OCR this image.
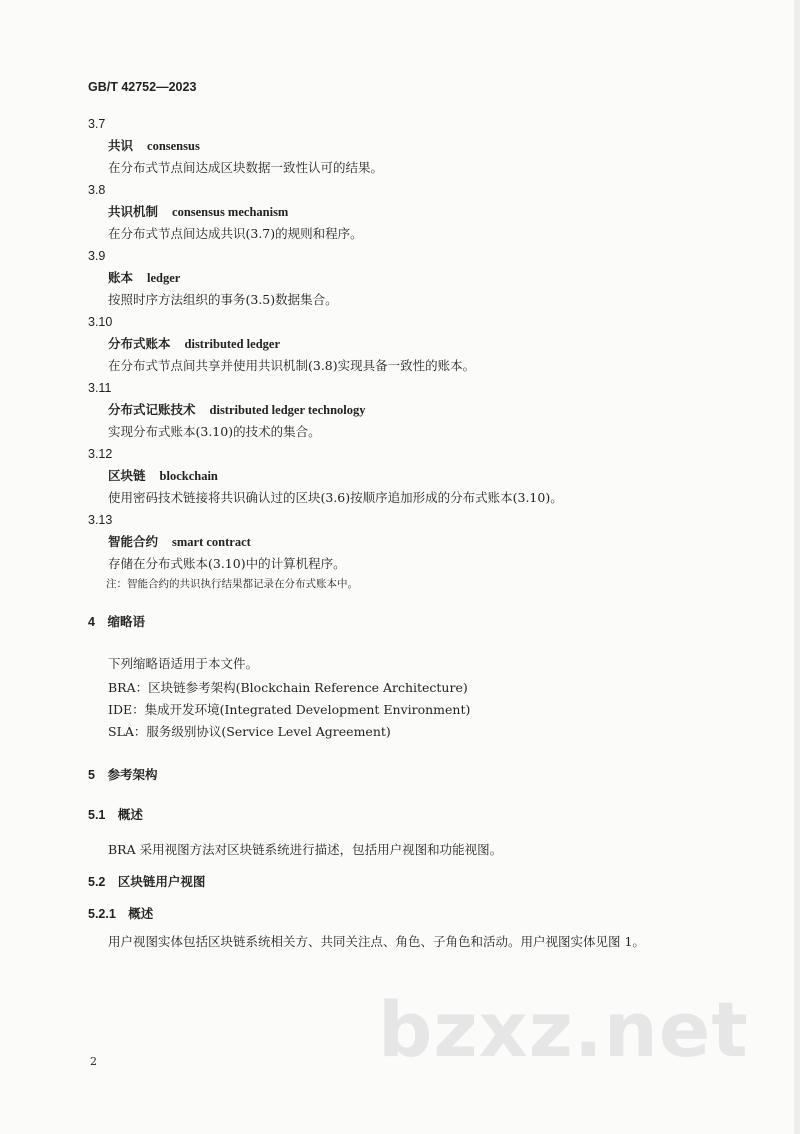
GB/T 42752—2023
3.7
共识 consensus
在分布式节点间达成区块数据一致性认可的结果。
3.8
共识机制 consensus mechanism
在分布式节点间达成共识(3.7)的规则和程序。
3.9
账本 ledger
按照时序方法组织的事务(3.5)数据集合。
3.10
分布式账本 distributed ledger
在分布式节点间共享并使用共识机制(3.8)实现具备一致性的账本。
3.11
分布式记账技术 distributed ledger technology
实现分布式账本(3.10)的技术的集合。
3.12
区块链 blockchain
使用密码技术链接将共识确认过的区块(3.6)按顺序追加形成的分布式账本(3.10)。
3.13
智能合约 smart contract
存储在分布式账本(3.10)中的计算机程序。
注：智能合约的共识执行结果都记录在分布式账本中。
4　缩略语
下列缩略语适用于本文件。
BRA：区块链参考架构(Blockchain Reference Architecture)
IDE：集成开发环境(Integrated Development Environment)
SLA：服务级别协议(Service Level Agreement)
5　参考架构
5.1　概述
BRA 采用视图方法对区块链系统进行描述，包括用户视图和功能视图。
5.2　区块链用户视图
5.2.1　概述
用户视图实体包括区块链系统相关方、共同关注点、角色、子角色和活动。用户视图实体见图 1。
bzxz.net
2
